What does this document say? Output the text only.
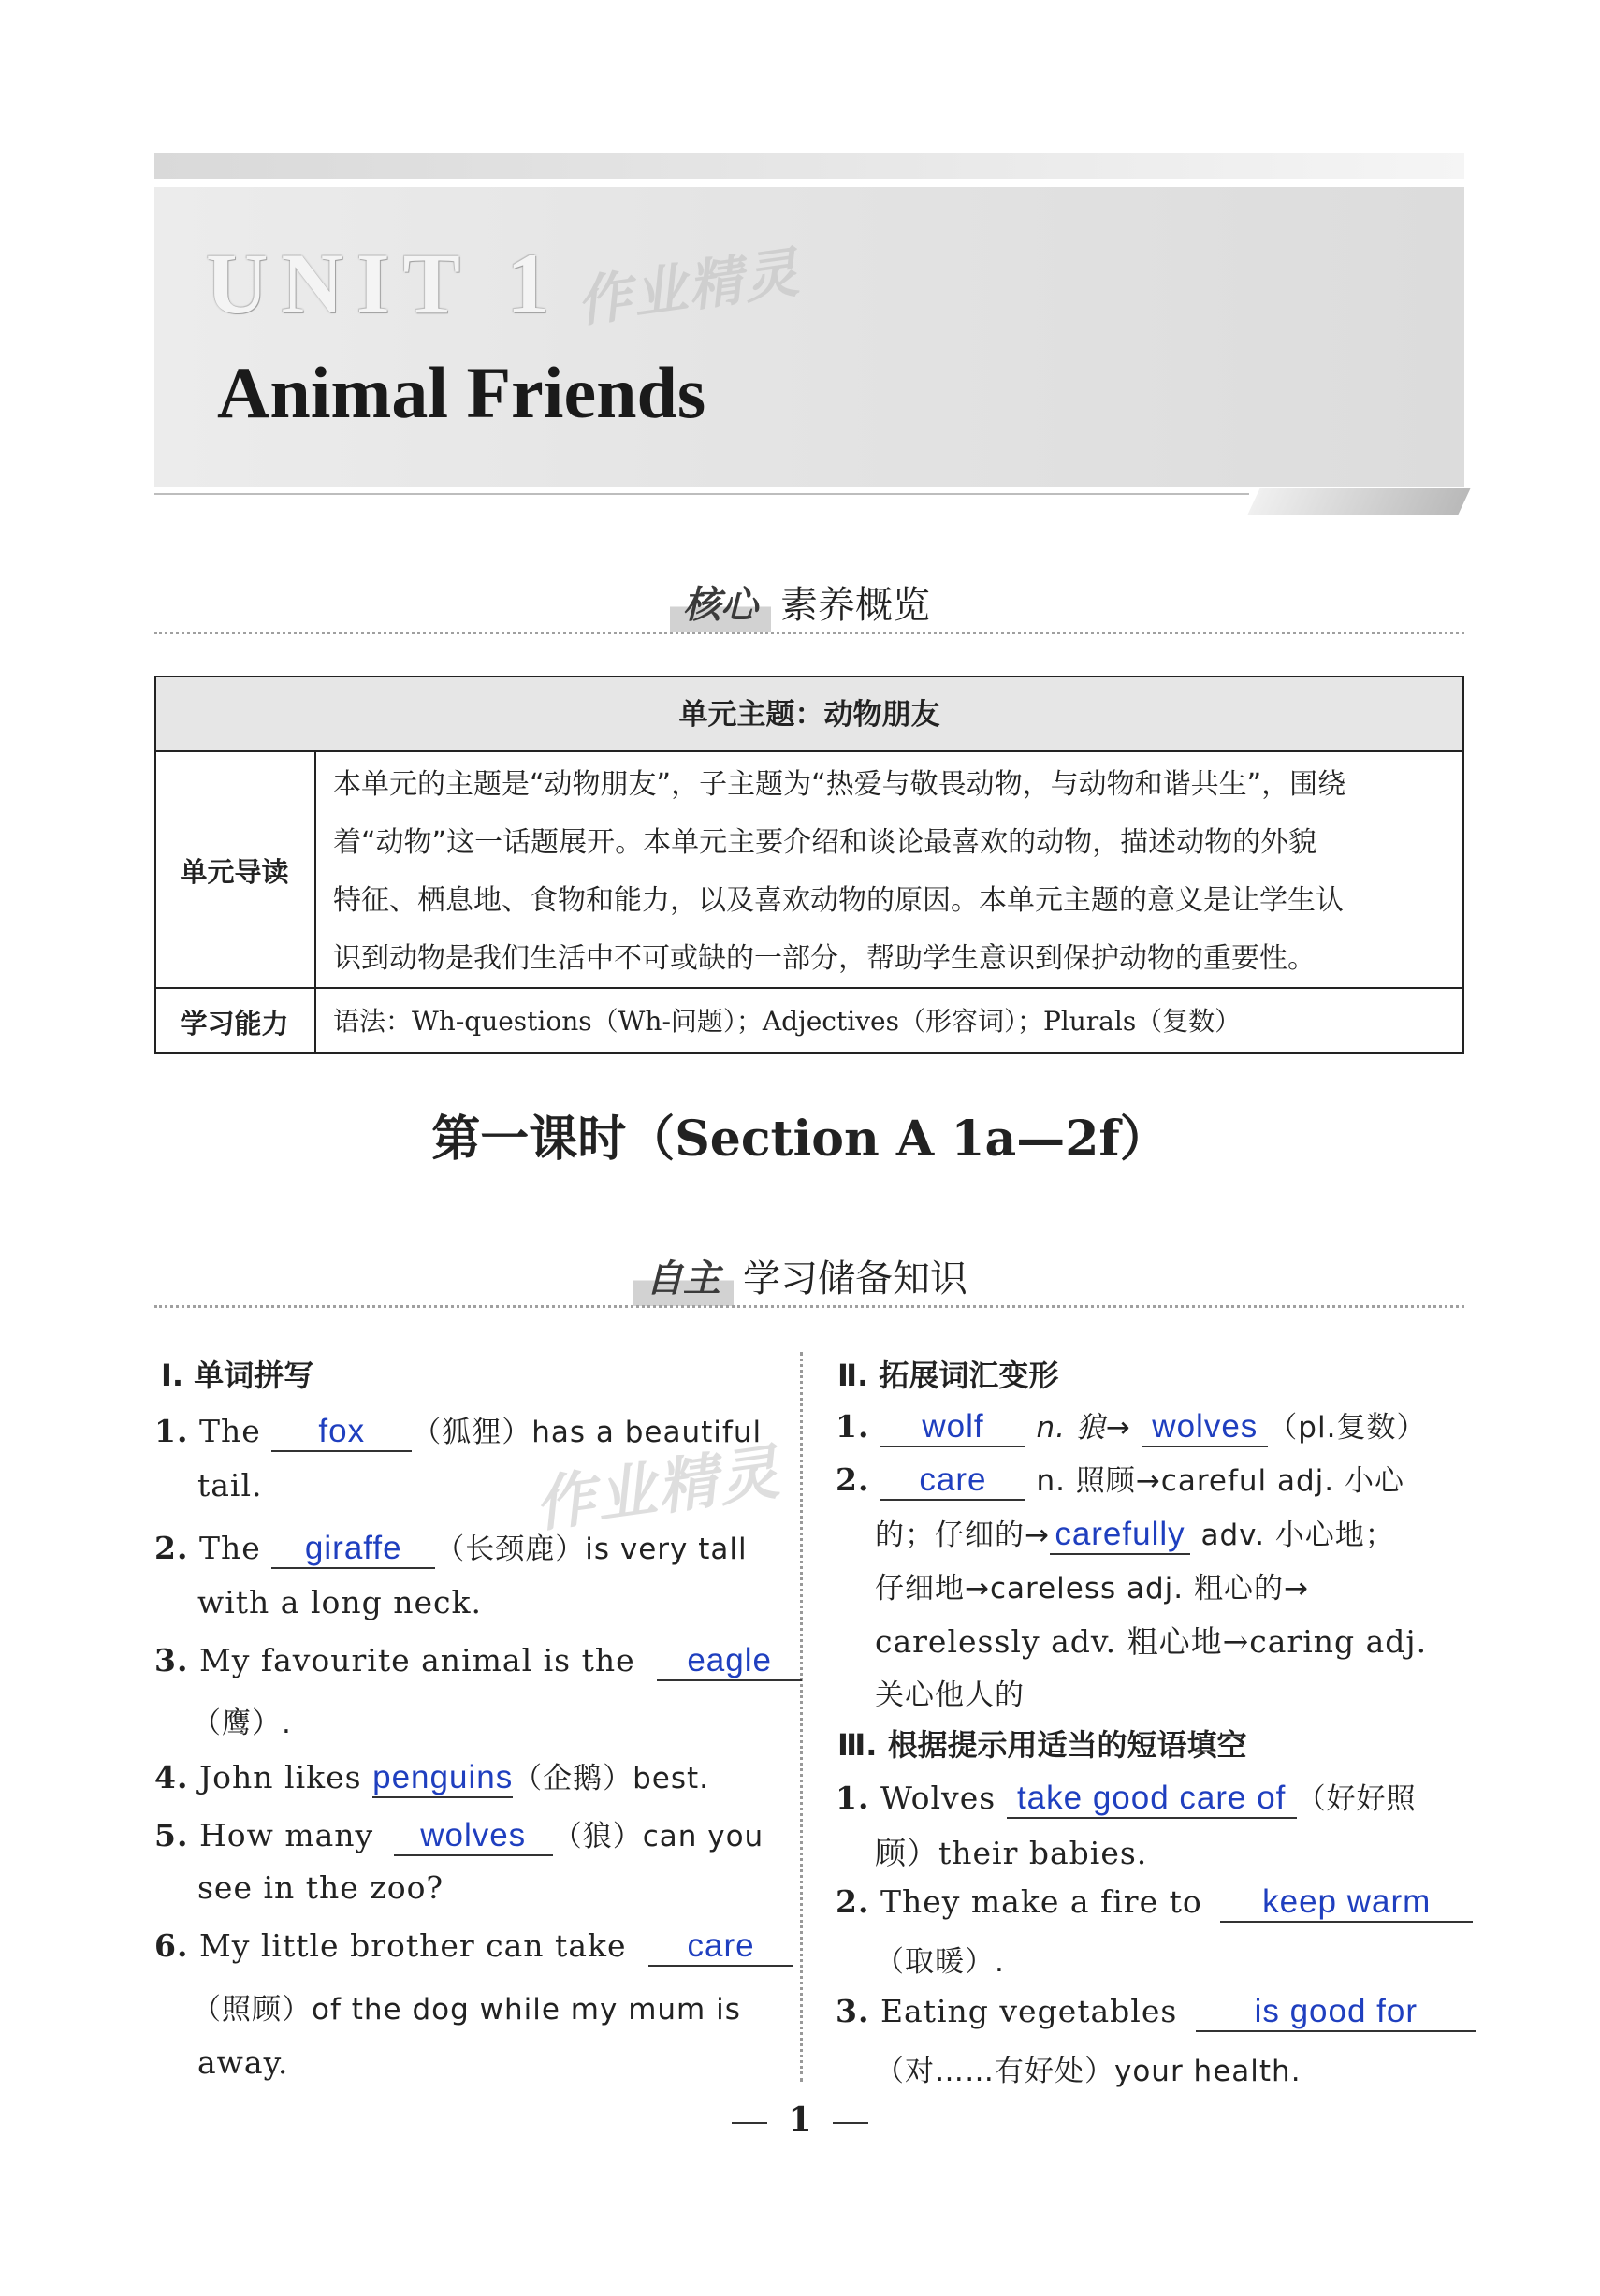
UNIT 1 作业精灵
Animal Friends
核心 素养概览
单元主题：动物朋友
单元导读
本单元的主题是“动物朋友”，子主题为“热爱与敬畏动物，与动物和谐共生”，围绕
着“动物”这一话题展开。本单元主要介绍和谈论最喜欢的动物，描述动物的外貌
特征、栖息地、食物和能力，以及喜欢动物的原因。本单元主题的意义是让学生认
识到动物是我们生活中不可或缺的一部分，帮助学生意识到保护动物的重要性。
学习能力	语法：Wh-questions（Wh-问题）；Adjectives（形容词）；Plurals（复数）
第一课时（Section A 1a—2f）
自主 学习储备知识
作业精灵
Ⅰ. 单词拼写
1. The fox （狐狸）has a beautiful
tail.
2. The giraffe （长颈鹿）is very tall
with a long neck.
3. My favourite animal is the eagle
（鹰）.
4. John likes penguins（企鹅）best.
5. How many wolves （狼）can you
see in the zoo?
6. My little brother can take care
（照顾）of the dog while my mum is
away.
Ⅱ. 拓展词汇变形
1. wolf n. 狼→ wolves （pl.复数）
2. care n. 照顾→careful adj. 小心
的；仔细的→ carefully adv. 小心地；
仔细地→careless adj. 粗心的→
carelessly adv. 粗心地→caring adj.
关心他人的
Ⅲ. 根据提示用适当的短语填空
1. Wolves take good care of （好好照
顾）their babies.
2. They make a fire to keep warm
（取暖）.
3. Eating vegetables is good for
（对……有好处）your health.
1
